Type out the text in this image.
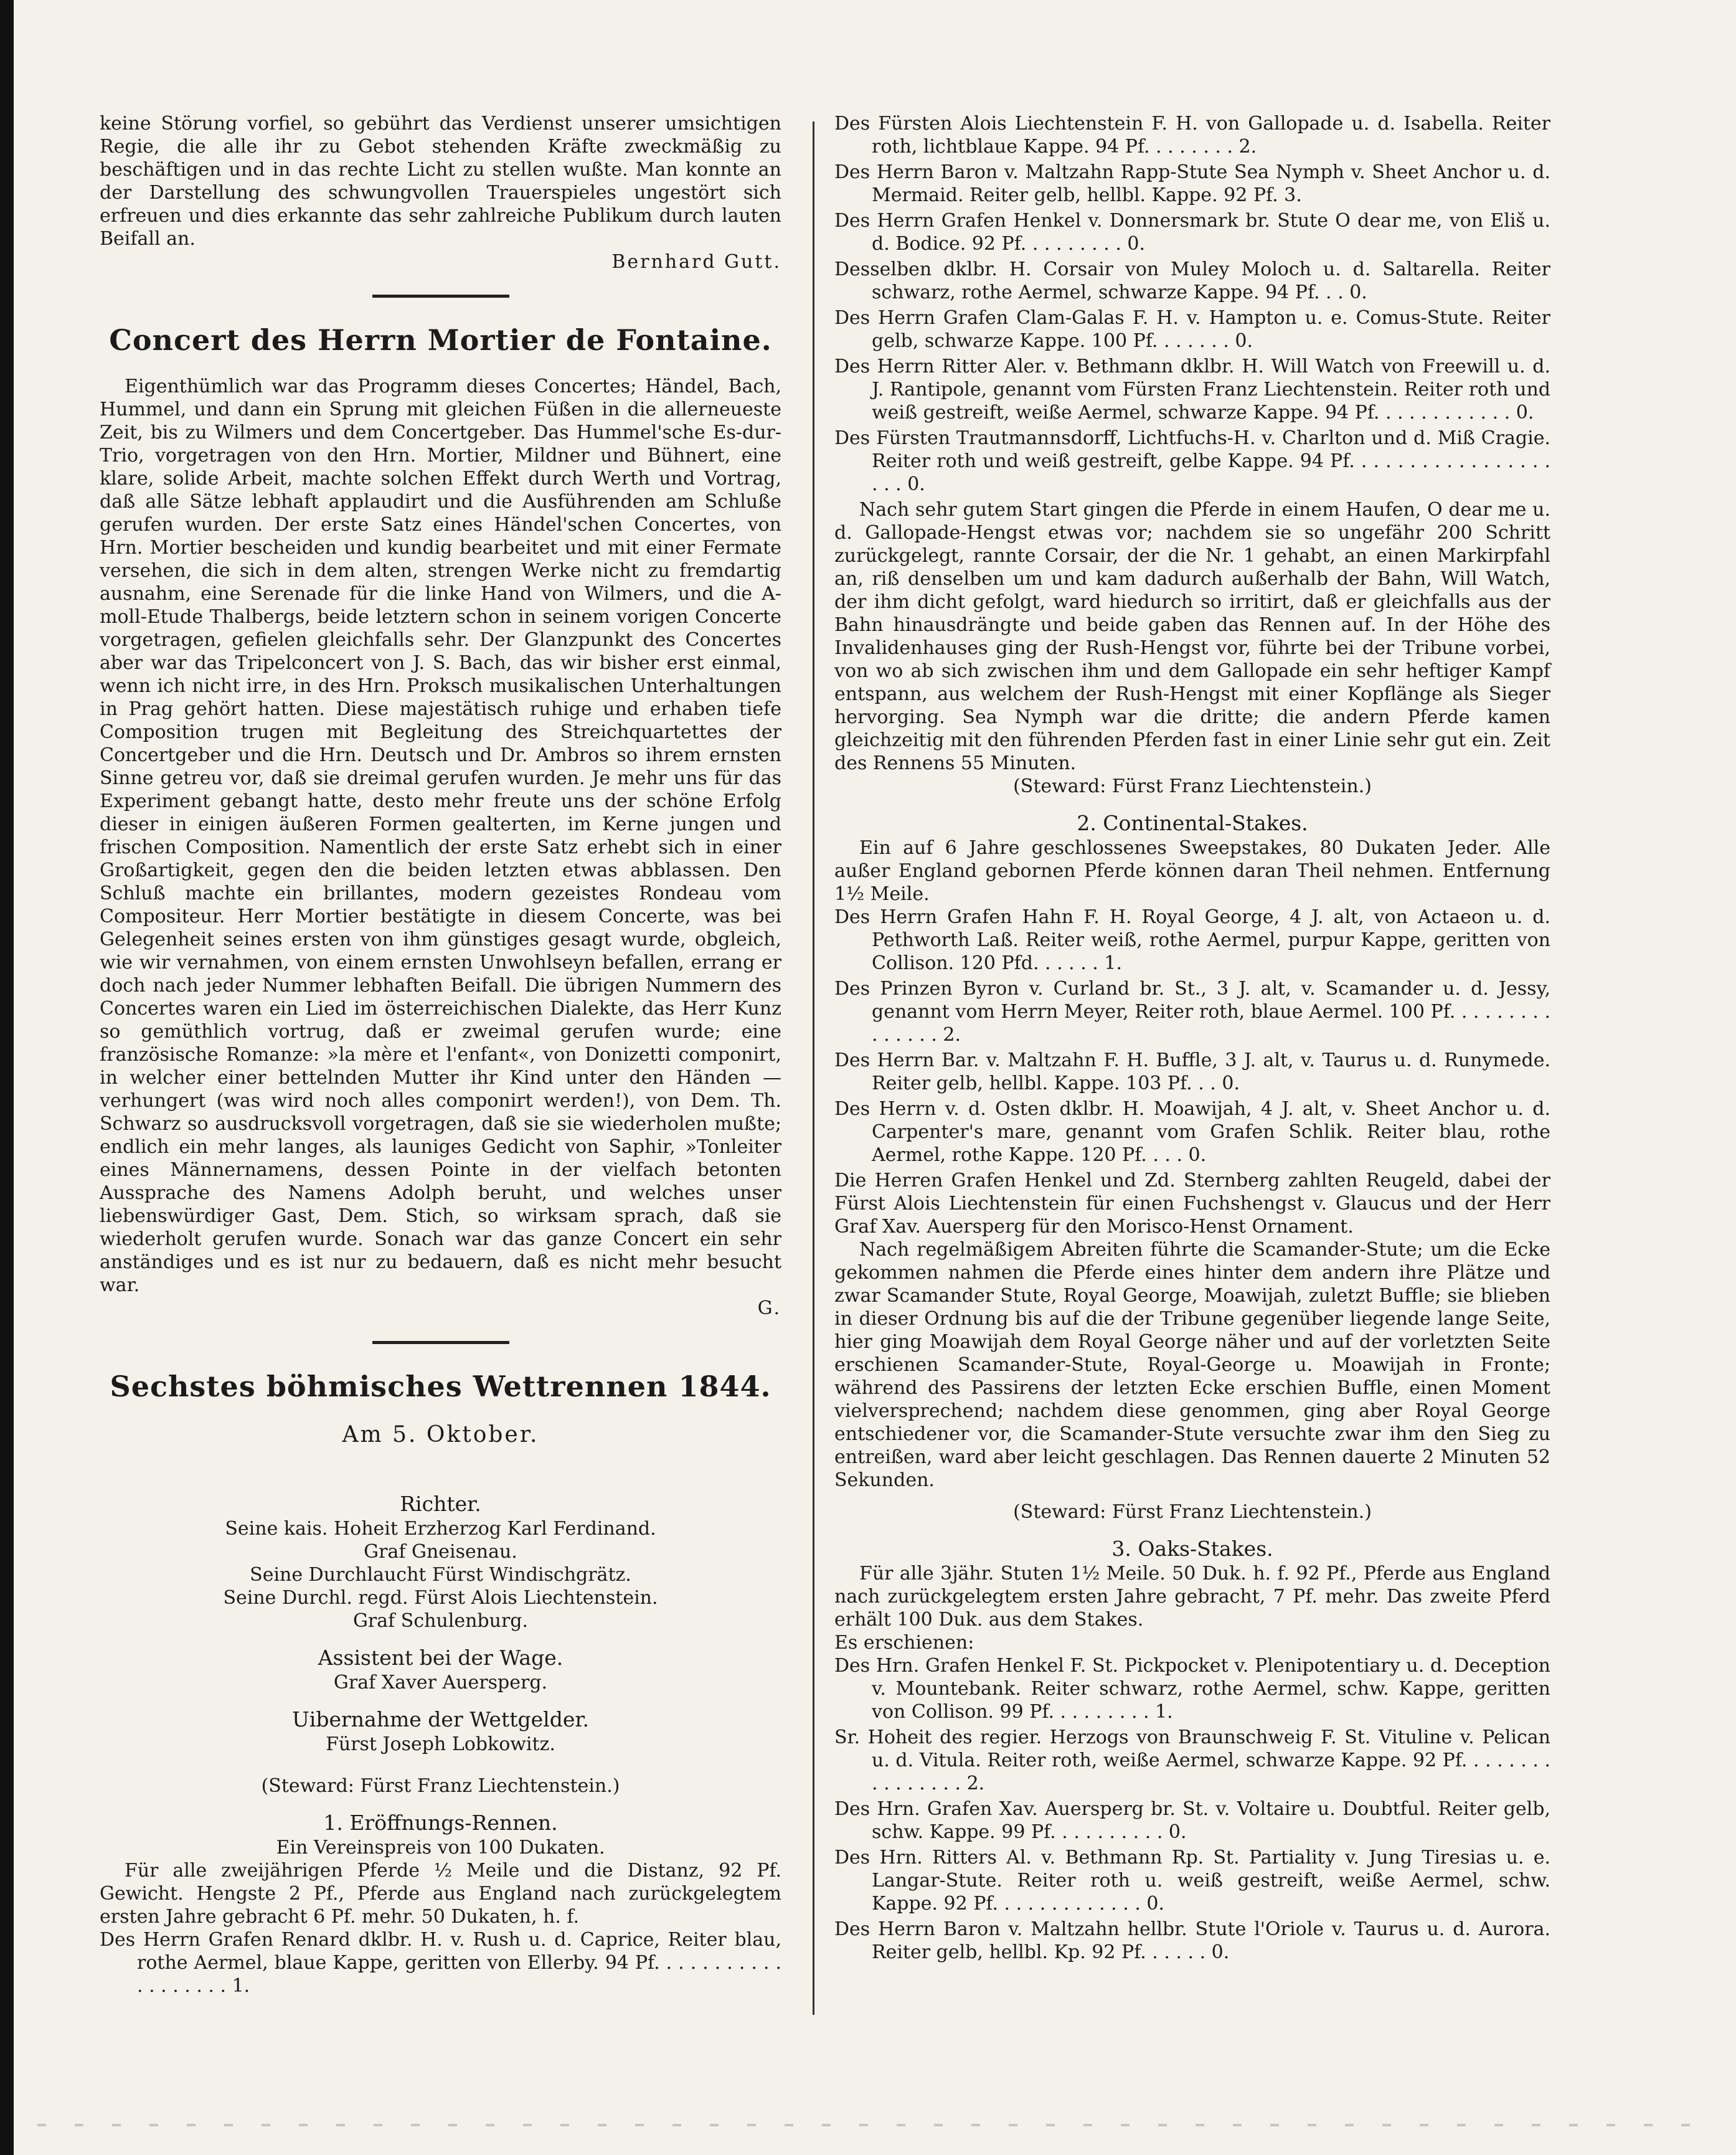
keine Störung vorfiel, so gebührt das Verdienst unserer umsichtigen Regie, die alle ihr zu Gebot stehenden Kräfte zweckmäßig zu beschäftigen und in das rechte Licht zu stellen wußte. Man konnte an der Darstellung des schwungvollen Trauerspieles ungestört sich erfreuen und dies erkannte das sehr zahlreiche Publikum durch lauten Beifall an.

Bernhard Gutt.

Concert des Herrn Mortier de Fontaine.

Eigenthümlich war das Programm dieses Concertes; Händel, Bach, Hummel, und dann ein Sprung mit gleichen Füßen in die allerneueste Zeit, bis zu Wilmers und dem Concertgeber. Das Hummel'sche Es-dur-Trio, vorgetragen von den Hrn. Mortier, Mildner und Bühnert, eine klare, solide Arbeit, machte solchen Effekt durch Werth und Vortrag, daß alle Sätze lebhaft applaudirt und die Ausführenden am Schluße gerufen wurden. Der erste Satz eines Händel'schen Concertes, von Hrn. Mortier bescheiden und kundig bearbeitet und mit einer Fermate versehen, die sich in dem alten, strengen Werke nicht zu fremdartig ausnahm, eine Serenade für die linke Hand von Wilmers, und die A-moll-Etude Thalbergs, beide letztern schon in seinem vorigen Concerte vorgetragen, gefielen gleichfalls sehr. Der Glanzpunkt des Concertes aber war das Tripelconcert von J. S. Bach, das wir bisher erst einmal, wenn ich nicht irre, in des Hrn. Proksch musikalischen Unterhaltungen in Prag gehört hatten. Diese majestätisch ruhige und erhaben tiefe Composition trugen mit Begleitung des Streichquartettes der Concertgeber und die Hrn. Deutsch und Dr. Ambros so ihrem ernsten Sinne getreu vor, daß sie dreimal gerufen wurden. Je mehr uns für das Experiment gebangt hatte, desto mehr freute uns der schöne Erfolg dieser in einigen äußeren Formen gealterten, im Kerne jungen und frischen Composition. Namentlich der erste Satz erhebt sich in einer Großartigkeit, gegen den die beiden letzten etwas abblassen. Den Schluß machte ein brillantes, modern gezeistes Rondeau vom Compositeur. Herr Mortier bestätigte in diesem Concerte, was bei Gelegenheit seines ersten von ihm günstiges gesagt wurde, obgleich, wie wir vernahmen, von einem ernsten Unwohlseyn befallen, errang er doch nach jeder Nummer lebhaften Beifall. Die übrigen Nummern des Concertes waren ein Lied im österreichischen Dialekte, das Herr Kunz so gemüthlich vortrug, daß er zweimal gerufen wurde; eine französische Romanze: »la mère et l'enfant«, von Donizetti componirt, in welcher einer bettelnden Mutter ihr Kind unter den Händen — verhungert (was wird noch alles componirt werden!), von Dem. Th. Schwarz so ausdrucksvoll vorgetragen, daß sie sie wiederholen mußte; endlich ein mehr langes, als launiges Gedicht von Saphir, »Tonleiter eines Männernamens, dessen Pointe in der vielfach betonten Aussprache des Namens Adolph beruht, und welches unser liebenswürdiger Gast, Dem. Stich, so wirksam sprach, daß sie wiederholt gerufen wurde. Sonach war das ganze Concert ein sehr anständiges und es ist nur zu bedauern, daß es nicht mehr besucht war.

G.

Sechstes böhmisches Wettrennen 1844.
Am 5. Oktober.

Richter.

Seine kais. Hoheit Erzherzog Karl Ferdinand.

Graf Gneisenau.

Seine Durchlaucht Fürst Windischgrätz.

Seine Durchl. regd. Fürst Alois Liechtenstein.

Graf Schulenburg.

Assistent bei der Wage.

Graf Xaver Auersperg.

Uibernahme der Wettgelder.

Fürst Joseph Lobkowitz.

(Steward: Fürst Franz Liechtenstein.)

1. Eröffnungs-Rennen.

Ein Vereinspreis von 100 Dukaten.

Für alle zweijährigen Pferde ½ Meile und die Distanz, 92 Pf. Gewicht. Hengste 2 Pf., Pferde aus England nach zurückgelegtem ersten Jahre gebracht 6 Pf. mehr. 50 Dukaten, h. f.

Des Herrn Grafen Renard dklbr. H. v. Rush u. d. Caprice, Reiter blau, rothe Aermel, blaue Kappe, geritten von Ellerby. 94 Pf. . . . . . . . . . . . . . . . . . . 1.

Des Fürsten Alois Liechtenstein F. H. von Gallopade u. d. Isabella. Reiter roth, lichtblaue Kappe. 94 Pf. . . . . . . . 2.

Des Herrn Baron v. Maltzahn Rapp-Stute Sea Nymph v. Sheet Anchor u. d. Mermaid. Reiter gelb, hellbl. Kappe. 92 Pf. 3.

Des Herrn Grafen Henkel v. Donnersmark br. Stute O dear me, von Eliš u. d. Bodice. 92 Pf. . . . . . . . . 0.

Desselben dklbr. H. Corsair von Muley Moloch u. d. Saltarella. Reiter schwarz, rothe Aermel, schwarze Kappe. 94 Pf. . . 0.

Des Herrn Grafen Clam-Galas F. H. v. Hampton u. e. Comus-Stute. Reiter gelb, schwarze Kappe. 100 Pf. . . . . . . 0.

Des Herrn Ritter Aler. v. Bethmann dklbr. H. Will Watch von Freewill u. d. J. Rantipole, genannt vom Fürsten Franz Liechtenstein. Reiter roth und weiß gestreift, weiße Aermel, schwarze Kappe. 94 Pf. . . . . . . . . . . . 0.

Des Fürsten Trautmannsdorff, Lichtfuchs-H. v. Charlton und d. Miß Cragie. Reiter roth und weiß gestreift, gelbe Kappe. 94 Pf. . . . . . . . . . . . . . . . . . . . 0.

Nach sehr gutem Start gingen die Pferde in einem Haufen, O dear me u. d. Gallopade-Hengst etwas vor; nachdem sie so ungefähr 200 Schritt zurückgelegt, rannte Corsair, der die Nr. 1 gehabt, an einen Markirpfahl an, riß denselben um und kam dadurch außerhalb der Bahn, Will Watch, der ihm dicht gefolgt, ward hiedurch so irritirt, daß er gleichfalls aus der Bahn hinausdrängte und beide gaben das Rennen auf. In der Höhe des Invalidenhauses ging der Rush-Hengst vor, führte bei der Tribune vorbei, von wo ab sich zwischen ihm und dem Gallopade ein sehr heftiger Kampf entspann, aus welchem der Rush-Hengst mit einer Kopflänge als Sieger hervorging. Sea Nymph war die dritte; die andern Pferde kamen gleichzeitig mit den führenden Pferden fast in einer Linie sehr gut ein. Zeit des Rennens 55 Minuten.

(Steward: Fürst Franz Liechtenstein.)

2. Continental-Stakes.

Ein auf 6 Jahre geschlossenes Sweepstakes, 80 Dukaten Jeder. Alle außer England gebornen Pferde können daran Theil nehmen. Entfernung 1½ Meile.

Des Herrn Grafen Hahn F. H. Royal George, 4 J. alt, von Actaeon u. d. Pethworth Laß. Reiter weiß, rothe Aermel, purpur Kappe, geritten von Collison. 120 Pfd. . . . . . 1.

Des Prinzen Byron v. Curland br. St., 3 J. alt, v. Scamander u. d. Jessy, genannt vom Herrn Meyer, Reiter roth, blaue Aermel. 100 Pf. . . . . . . . . . . . . . . 2.

Des Herrn Bar. v. Maltzahn F. H. Buffle, 3 J. alt, v. Taurus u. d. Runymede. Reiter gelb, hellbl. Kappe. 103 Pf. . . 0.

Des Herrn v. d. Osten dklbr. H. Moawijah, 4 J. alt, v. Sheet Anchor u. d. Carpenter's mare, genannt vom Grafen Schlik. Reiter blau, rothe Aermel, rothe Kappe. 120 Pf. . . . 0.

Die Herren Grafen Henkel und Zd. Sternberg zahlten Reugeld, dabei der Fürst Alois Liechtenstein für einen Fuchshengst v. Glaucus und der Herr Graf Xav. Auersperg für den Morisco-Henst Ornament.

Nach regelmäßigem Abreiten führte die Scamander-Stute; um die Ecke gekommen nahmen die Pferde eines hinter dem andern ihre Plätze und zwar Scamander Stute, Royal George, Moawijah, zuletzt Buffle; sie blieben in dieser Ordnung bis auf die der Tribune gegenüber liegende lange Seite, hier ging Moawijah dem Royal George näher und auf der vorletzten Seite erschienen Scamander-Stute, Royal-George u. Moawijah in Fronte; während des Passirens der letzten Ecke erschien Buffle, einen Moment vielversprechend; nachdem diese genommen, ging aber Royal George entschiedener vor, die Scamander-Stute versuchte zwar ihm den Sieg zu entreißen, ward aber leicht geschlagen. Das Rennen dauerte 2 Minuten 52 Sekunden.

(Steward: Fürst Franz Liechtenstein.)

3. Oaks-Stakes.

Für alle 3jähr. Stuten 1½ Meile. 50 Duk. h. f. 92 Pf., Pferde aus England nach zurückgelegtem ersten Jahre gebracht, 7 Pf. mehr. Das zweite Pferd erhält 100 Duk. aus dem Stakes.

Es erschienen:

Des Hrn. Grafen Henkel F. St. Pickpocket v. Plenipotentiary u. d. Deception v. Mountebank. Reiter schwarz, rothe Aermel, schw. Kappe, geritten von Collison. 99 Pf. . . . . . . . . 1.

Sr. Hoheit des regier. Herzogs von Braunschweig F. St. Vituline v. Pelican u. d. Vitula. Reiter roth, weiße Aermel, schwarze Kappe. 92 Pf. . . . . . . . . . . . . . . . 2.

Des Hrn. Grafen Xav. Auersperg br. St. v. Voltaire u. Doubtful. Reiter gelb, schw. Kappe. 99 Pf. . . . . . . . . . 0.

Des Hrn. Ritters Al. v. Bethmann Rp. St. Partiality v. Jung Tiresias u. e. Langar-Stute. Reiter roth u. weiß gestreift, weiße Aermel, schw. Kappe. 92 Pf. . . . . . . . . . . . . 0.

Des Herrn Baron v. Maltzahn hellbr. Stute l'Oriole v. Taurus u. d. Aurora. Reiter gelb, hellbl. Kp. 92 Pf. . . . . . 0.
